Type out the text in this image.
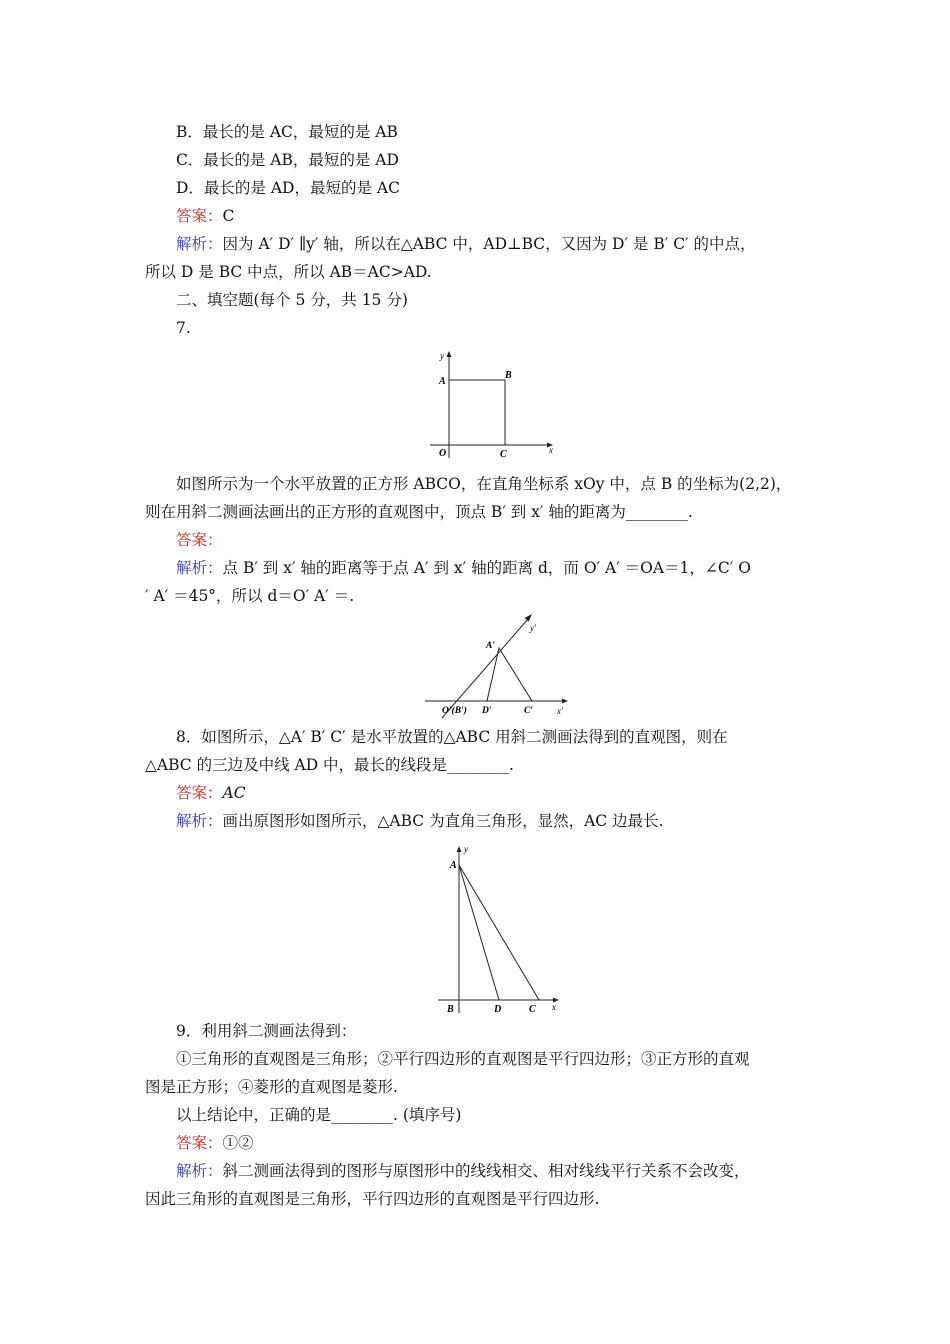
B．最长的是 AC，最短的是 AB
C．最长的是 AB，最短的是 AD
D．最长的是 AD，最短的是 AC
答案：C
解析：因为 A′ D′ ∥y′ 轴，所以在△ABC 中，AD⊥BC，又因为 D′ 是 B′ C′ 的中点，
所以 D 是 BC 中点，所以 AB＝AC>AD.
二、填空题(每个 5 分，共 15 分)
7.
y
x
A
B
O	C
如图所示为一个水平放置的正方形 ABCO，在直角坐标系 xOy 中，点 B 的坐标为(2,2)，
则在用斜二测画法画出的正方形的直观图中，顶点 B′ 到 x′ 轴的距离为________.
答案：
解析：点 B′ 到 x′ 轴的距离等于点 A′ 到 x′ 轴的距离 d，而 O′ A′ ＝OA＝1，∠C′ O
′ A′ ＝45°，所以 d＝O′ A′ ＝.
y′
x′
A′
O′(B′) D′	C′
8．如图所示，△A′ B′ C′ 是水平放置的△ABC 用斜二测画法得到的直观图，则在
△ABC 的三边及中线 AD 中，最长的线段是________.
答案：AC
解析：画出原图形如图所示，△ABC 为直角三角形，显然，AC 边最长.
y
x
A
B	D	C
9．利用斜二测画法得到：
①三角形的直观图是三角形；②平行四边形的直观图是平行四边形；③正方形的直观
图是正方形；④菱形的直观图是菱形.
以上结论中，正确的是________. (填序号)
答案：①②
解析：斜二测画法得到的图形与原图形中的线线相交、相对线线平行关系不会改变，
因此三角形的直观图是三角形，平行四边形的直观图是平行四边形.
